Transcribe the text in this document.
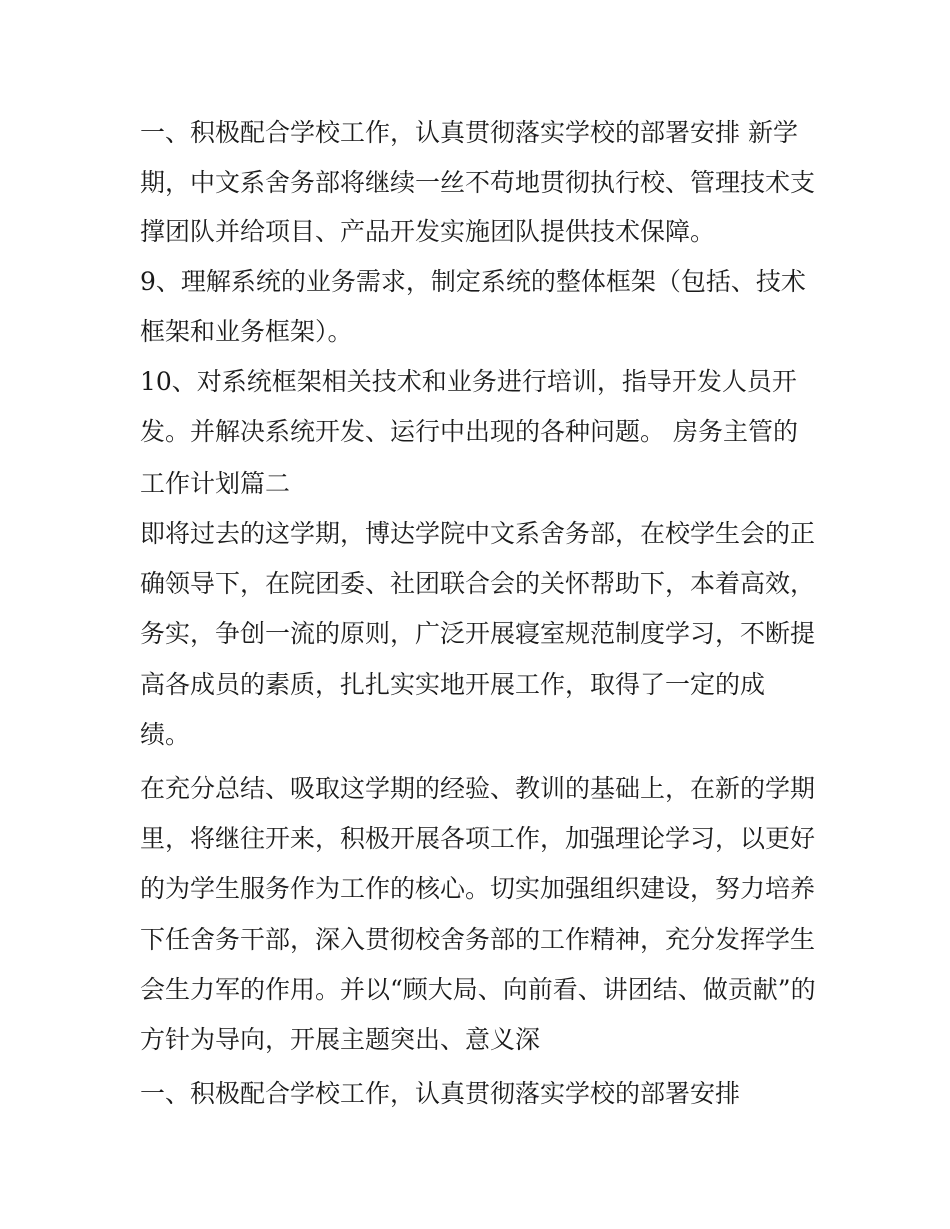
一、积极配合学校工作，认真贯彻落实学校的部署安排 新学
期，中文系舍务部将继续一丝不苟地贯彻执行校、管理技术支
撑团队并给项目、产品开发实施团队提供技术保障。
9、理解系统的业务需求，制定系统的整体框架（包括、技术
框架和业务框架）。
10、对系统框架相关技术和业务进行培训，指导开发人员开
发。并解决系统开发、运行中出现的各种问题。 房务主管的
工作计划篇二
即将过去的这学期，博达学院中文系舍务部，在校学生会的正
确领导下，在院团委、社团联合会的关怀帮助下，本着高效，
务实，争创一流的原则，广泛开展寝室规范制度学习，不断提
高各成员的素质，扎扎实实地开展工作，取得了一定的成
绩。
在充分总结、吸取这学期的经验、教训的基础上，在新的学期
里，将继往开来，积极开展各项工作，加强理论学习，以更好
的为学生服务作为工作的核心。切实加强组织建设，努力培养
下任舍务干部，深入贯彻校舍务部的工作精神，充分发挥学生
会生力军的作用。并以“顾大局、向前看、讲团结、做贡献”的
方针为导向，开展主题突出、意义深
一、积极配合学校工作，认真贯彻落实学校的部署安排
